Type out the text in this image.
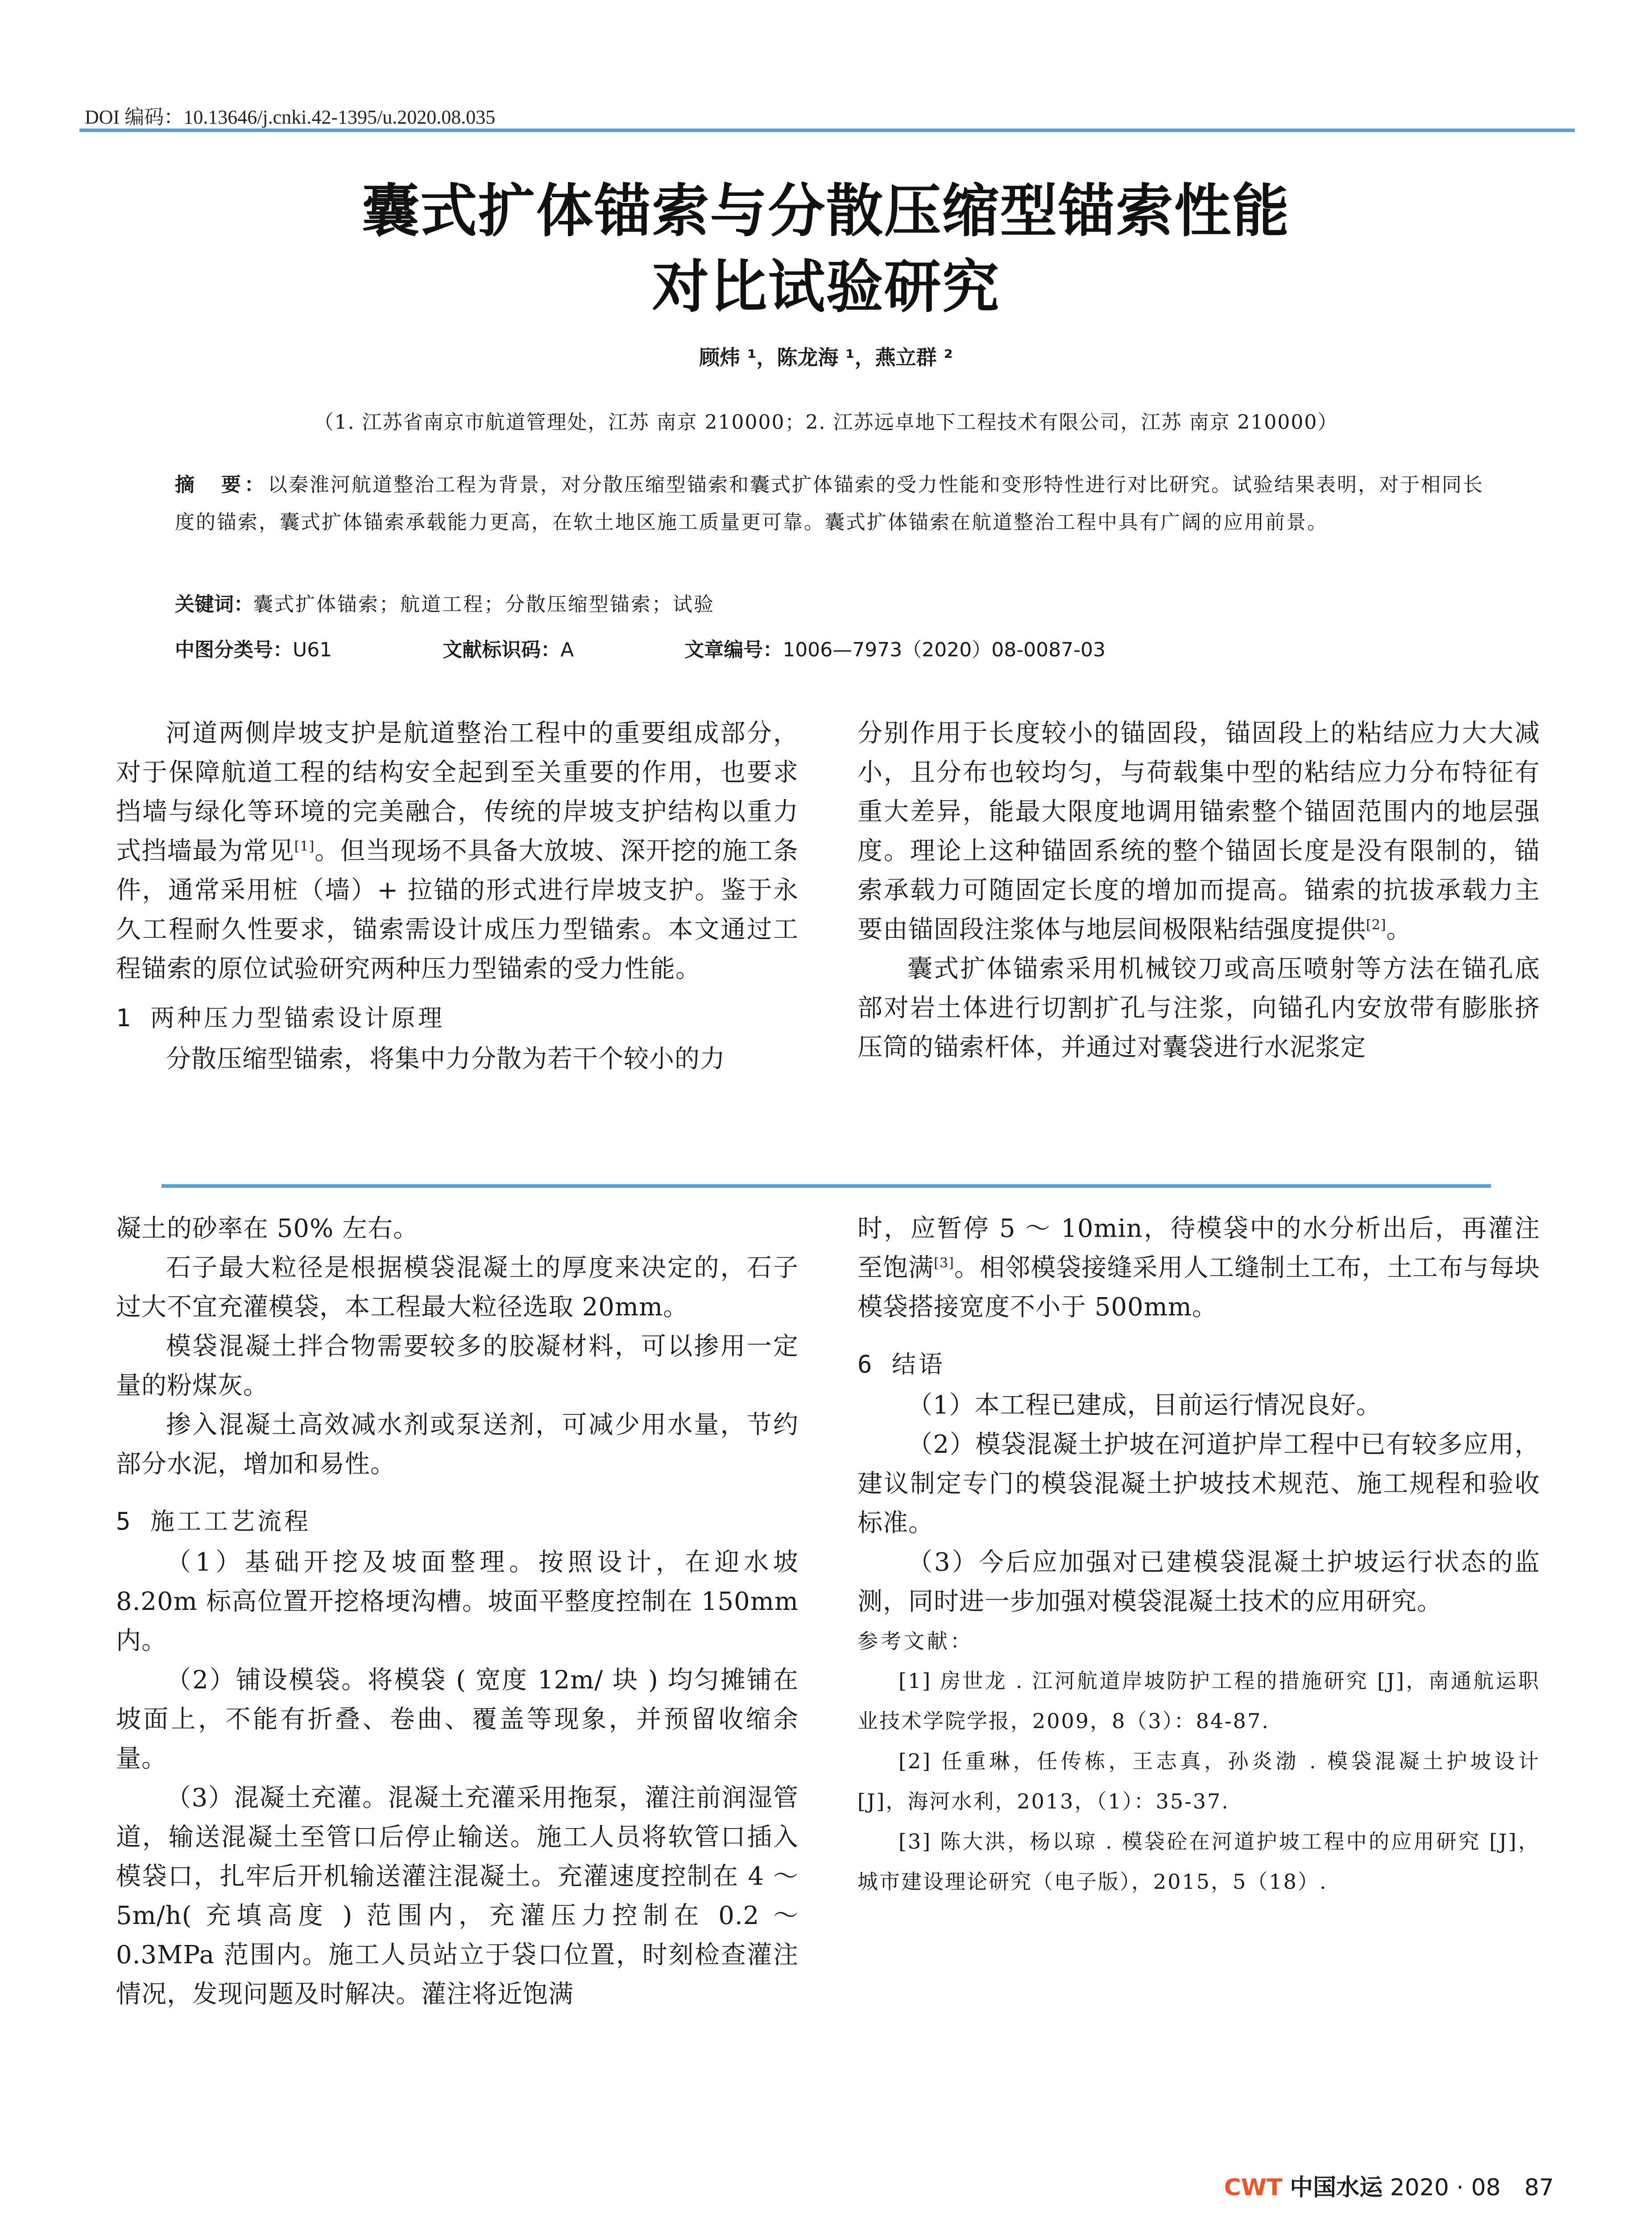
DOI 编码：10.13646/j.cnki.42-1395/u.2020.08.035
囊式扩体锚索与分散压缩型锚索性能
对比试验研究
顾炜 ¹，陈龙海 ¹，燕立群 ²
（1. 江苏省南京市航道管理处，江苏 南京 210000；2. 江苏远卓地下工程技术有限公司，江苏 南京 210000）
摘　要：以秦淮河航道整治工程为背景，对分散压缩型锚索和囊式扩体锚索的受力性能和变形特性进行对比研究。试验结果表明，对于相同长度的锚索，囊式扩体锚索承载能力更高，在软土地区施工质量更可靠。囊式扩体锚索在航道整治工程中具有广阔的应用前景。
关键词：囊式扩体锚索；航道工程；分散压缩型锚索；试验
中图分类号：U61	文献标识码：A	文章编号：1006—7973（2020）08-0087-03

河道两侧岸坡支护是航道整治工程中的重要组成部分，对于保障航道工程的结构安全起到至关重要的作用，也要求挡墙与绿化等环境的完美融合，传统的岸坡支护结构以重力式挡墙最为常见[1]。但当现场不具备大放坡、深开挖的施工条件，通常采用桩（墙）+ 拉锚的形式进行岸坡支护。鉴于永久工程耐久性要求，锚索需设计成压力型锚索。本文通过工程锚索的原位试验研究两种压力型锚索的受力性能。

1 两种压力型锚索设计原理

分散压缩型锚索，将集中力分散为若干个较小的力

分别作用于长度较小的锚固段，锚固段上的粘结应力大大减小，且分布也较均匀，与荷载集中型的粘结应力分布特征有重大差异，能最大限度地调用锚索整个锚固范围内的地层强度。理论上这种锚固系统的整个锚固长度是没有限制的，锚索承载力可随固定长度的增加而提高。锚索的抗拔承载力主要由锚固段注浆体与地层间极限粘结强度提供[2]。

囊式扩体锚索采用机械铰刀或高压喷射等方法在锚孔底部对岩土体进行切割扩孔与注浆，向锚孔内安放带有膨胀挤压筒的锚索杆体，并通过对囊袋进行水泥浆定

凝土的砂率在 50% 左右。

石子最大粒径是根据模袋混凝土的厚度来决定的，石子过大不宜充灌模袋，本工程最大粒径选取 20mm。

模袋混凝土拌合物需要较多的胶凝材料，可以掺用一定量的粉煤灰。

掺入混凝土高效减水剂或泵送剂，可减少用水量，节约部分水泥，增加和易性。

5 施工工艺流程

（1）基础开挖及坡面整理。按照设计，在迎水坡 8.20m 标高位置开挖格埂沟槽。坡面平整度控制在 150mm 内。

（2）铺设模袋。将模袋 ( 宽度 12m/ 块 ) 均匀摊铺在坡面上，不能有折叠、卷曲、覆盖等现象，并预留收缩余量。

（3）混凝土充灌。混凝土充灌采用拖泵，灌注前润湿管道，输送混凝土至管口后停止输送。施工人员将软管口插入模袋口，扎牢后开机输送灌注混凝土。充灌速度控制在 4 ～ 5m/h( 充填高度 ) 范围内，充灌压力控制在 0.2 ～ 0.3MPa 范围内。施工人员站立于袋口位置，时刻检查灌注情况，发现问题及时解决。灌注将近饱满

时，应暂停 5 ～ 10min，待模袋中的水分析出后，再灌注至饱满[3]。相邻模袋接缝采用人工缝制土工布，土工布与每块模袋搭接宽度不小于 500mm。

6 结语

（1）本工程已建成，目前运行情况良好。

（2）模袋混凝土护坡在河道护岸工程中已有较多应用，建议制定专门的模袋混凝土护坡技术规范、施工规程和验收标准。

（3）今后应加强对已建模袋混凝土护坡运行状态的监测，同时进一步加强对模袋混凝土技术的应用研究。

参考文献：

[1] 房世龙 . 江河航道岸坡防护工程的措施研究 [J]，南通航运职业技术学院学报，2009，8（3）：84-87.

[2] 任重琳，任传栋，王志真，孙炎渤 . 模袋混凝土护坡设计 [J]，海河水利，2013，（1）：35-37.

[3] 陈大洪，杨以琼 . 模袋砼在河道护坡工程中的应用研究 [J]，城市建设理论研究（电子版），2015，5（18）.

CWT 中国水运 2020 · 08 87
